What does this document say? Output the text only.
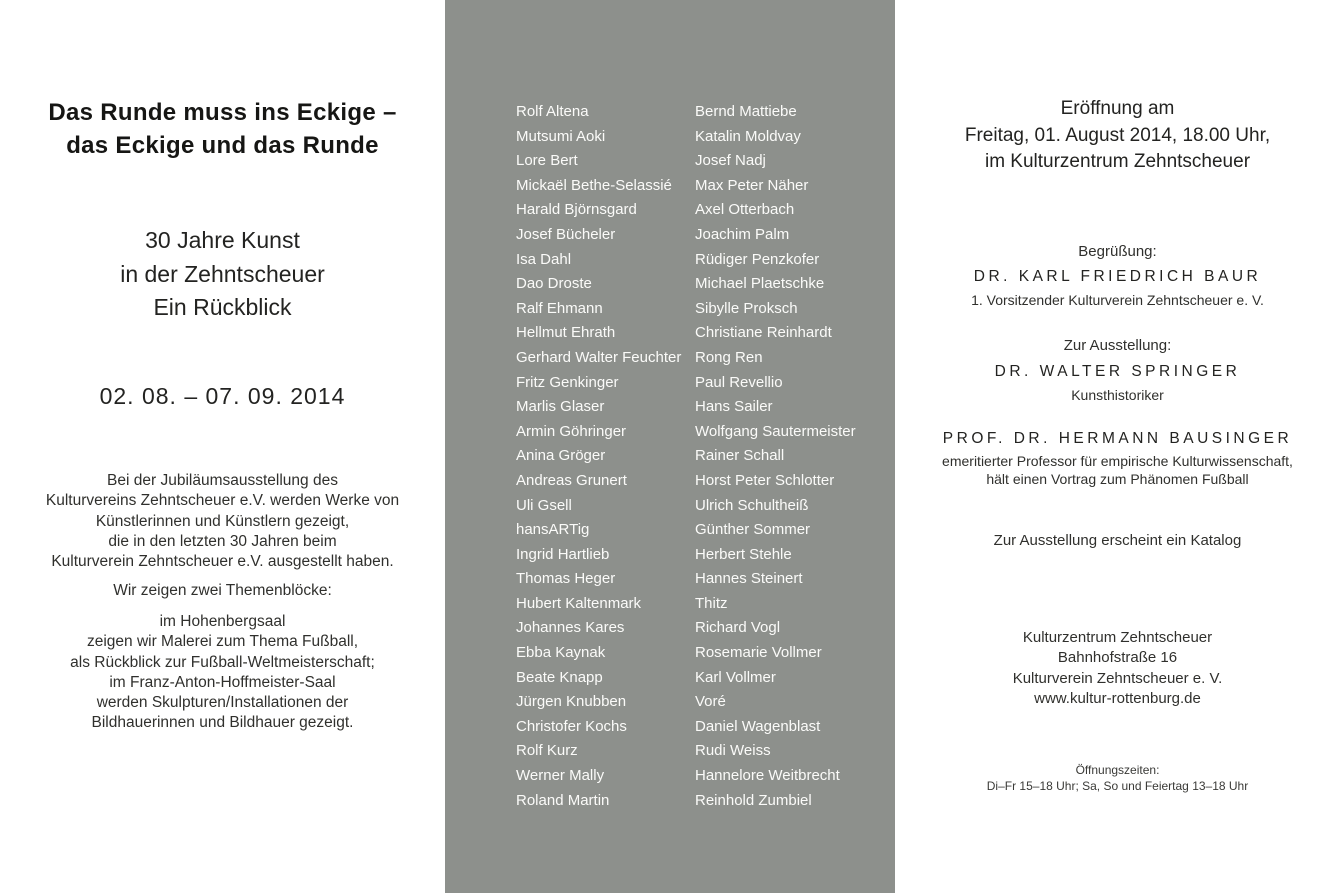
Das Runde muss ins Eckige –
das Eckige und das Runde
30 Jahre Kunst
in der Zehntscheuer
Ein Rückblick
02. 08. – 07. 09. 2014
Bei der Jubiläumsausstellung des
Kulturvereins Zehntscheuer e.V. werden Werke von
Künstlerinnen und Künstlern gezeigt,
die in den letzten 30 Jahren beim
Kulturverein Zehntscheuer e.V. ausgestellt haben.
Wir zeigen zwei Themenblöcke:
im Hohenbergsaal
zeigen wir Malerei zum Thema Fußball,
als Rückblick zur Fußball-Weltmeisterschaft;
im Franz-Anton-Hoffmeister-Saal
werden Skulpturen/Installationen der
Bildhauerinnen und Bildhauer gezeigt.
Rolf Altena
Mutsumi Aoki
Lore Bert
Mickaël Bethe-Selassié
Harald Björnsgard
Josef Bücheler
Isa Dahl
Dao Droste
Ralf Ehmann
Hellmut Ehrath
Gerhard Walter Feuchter
Fritz Genkinger
Marlis Glaser
Armin Göhringer
Anina Gröger
Andreas Grunert
Uli Gsell
hansARTig
Ingrid Hartlieb
Thomas Heger
Hubert Kaltenmark
Johannes Kares
Ebba Kaynak
Beate Knapp
Jürgen Knubben
Christofer Kochs
Rolf Kurz
Werner Mally
Roland Martin
Bernd Mattiebe
Katalin Moldvay
Josef Nadj
Max Peter Näher
Axel Otterbach
Joachim Palm
Rüdiger Penzkofer
Michael Plaetschke
Sibylle Proksch
Christiane Reinhardt
Rong Ren
Paul Revellio
Hans Sailer
Wolfgang Sautermeister
Rainer Schall
Horst Peter Schlotter
Ulrich Schultheiß
Günther Sommer
Herbert Stehle
Hannes Steinert
Thitz
Richard Vogl
Rosemarie Vollmer
Karl Vollmer
Voré
Daniel Wagenblast
Rudi Weiss
Hannelore Weitbrecht
Reinhold Zumbiel
Eröffnung am
Freitag, 01. August 2014, 18.00 Uhr,
im Kulturzentrum Zehntscheuer
Begrüßung:
DR. KARL FRIEDRICH BAUR
1. Vorsitzender Kulturverein Zehntscheuer e. V.
Zur Ausstellung:
DR. WALTER SPRINGER
Kunsthistoriker
PROF. DR. HERMANN BAUSINGER
emeritierter Professor für empirische Kulturwissenschaft,
hält einen Vortrag zum Phänomen Fußball
Zur Ausstellung erscheint ein Katalog
Kulturzentrum Zehntscheuer
Bahnhofstraße 16
Kulturverein Zehntscheuer e. V.
www.kultur-rottenburg.de
Öffnungszeiten:
Di–Fr 15–18 Uhr; Sa, So und Feiertag 13–18 Uhr
